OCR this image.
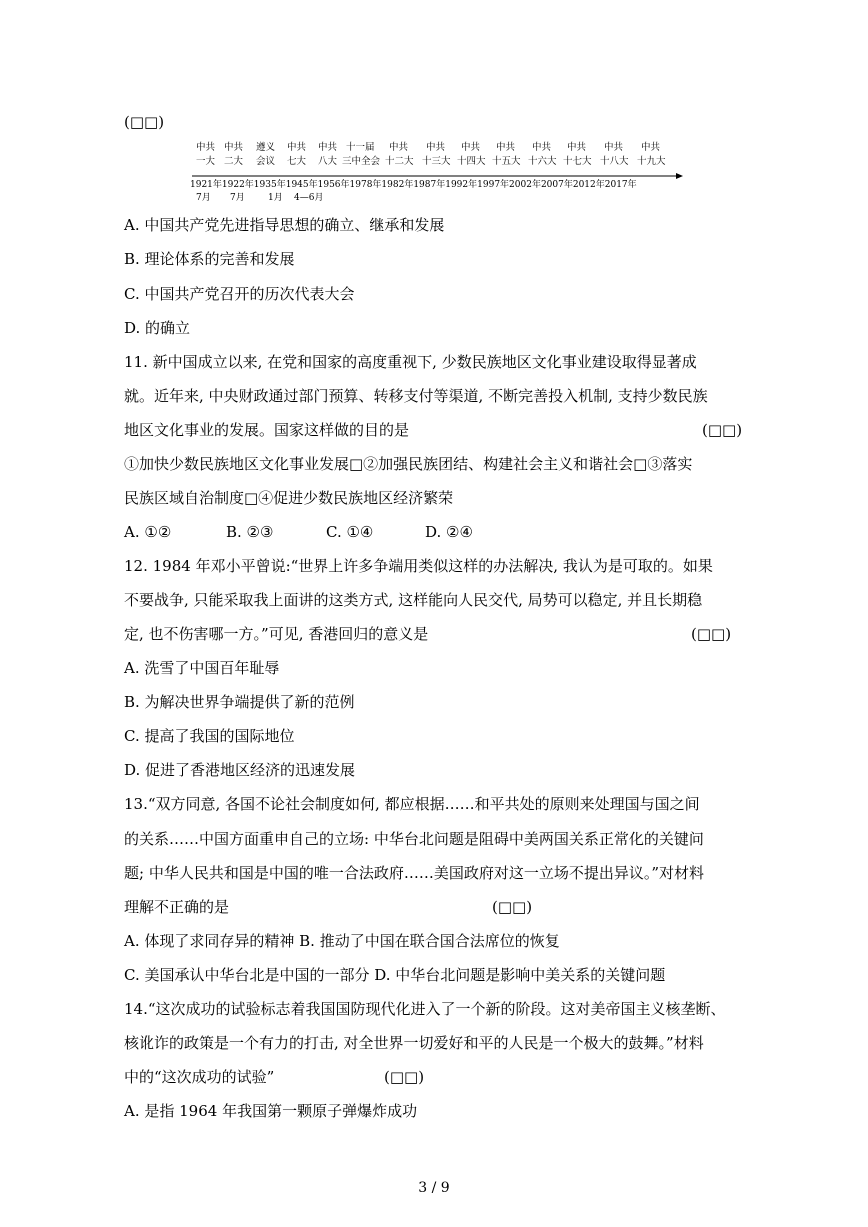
(□□)
中共
一大
中共
二大
遵义
会议
中共
七大
中共
八大
十一届
三中全会
中共
十二大
中共
十三大
中共
十四大
中共
十五大
中共
十六大
中共
十七大
中共
十八大
中共
十九大
1921年1922年1935年1945年1956年1978年1982年1987年1992年1997年2002年2007年2012年2017年
7月 7月	1月 4—6月
A. 中国共产党先进指导思想的确立、继承和发展
B. 理论体系的完善和发展
C. 中国共产党召开的历次代表大会
D. 的确立
11. 新中国成立以来, 在党和国家的高度重视下, 少数民族地区文化事业建设取得显著成
就。近年来, 中央财政通过部门预算、转移支付等渠道, 不断完善投入机制, 支持少数民族
地区文化事业的发展。国家这样做的目的是	(□□)
①加快少数民族地区文化事业发展□②加强民族团结、构建社会主义和谐社会□③落实
民族区域自治制度□④促进少数民族地区经济繁荣
A. ①②	B. ②③	C. ①④	D. ②④
12. 1984 年邓小平曾说:“世界上许多争端用类似这样的办法解决, 我认为是可取的。如果
不要战争, 只能采取我上面讲的这类方式, 这样能向人民交代, 局势可以稳定, 并且长期稳
定, 也不伤害哪一方。”可见, 香港回归的意义是	(□□)
A. 洗雪了中国百年耻辱
B. 为解决世界争端提供了新的范例
C. 提高了我国的国际地位
D. 促进了香港地区经济的迅速发展
13.“双方同意, 各国不论社会制度如何, 都应根据……和平共处的原则来处理国与国之间
的关系……中国方面重申自己的立场: 中华台北问题是阻碍中美两国关系正常化的关键问
题; 中华人民共和国是中国的唯一合法政府……美国政府对这一立场不提出异议。”对材料
理解不正确的是	(□□)
A. 体现了求同存异的精神 B. 推动了中国在联合国合法席位的恢复
C. 美国承认中华台北是中国的一部分 D. 中华台北问题是影响中美关系的关键问题
14.“这次成功的试验标志着我国国防现代化进入了一个新的阶段。这对美帝国主义核垄断、
核讹诈的政策是一个有力的打击, 对全世界一切爱好和平的人民是一个极大的鼓舞。”材料
中的“这次成功的试验”	(□□)
A. 是指 1964 年我国第一颗原子弹爆炸成功
3 / 9
